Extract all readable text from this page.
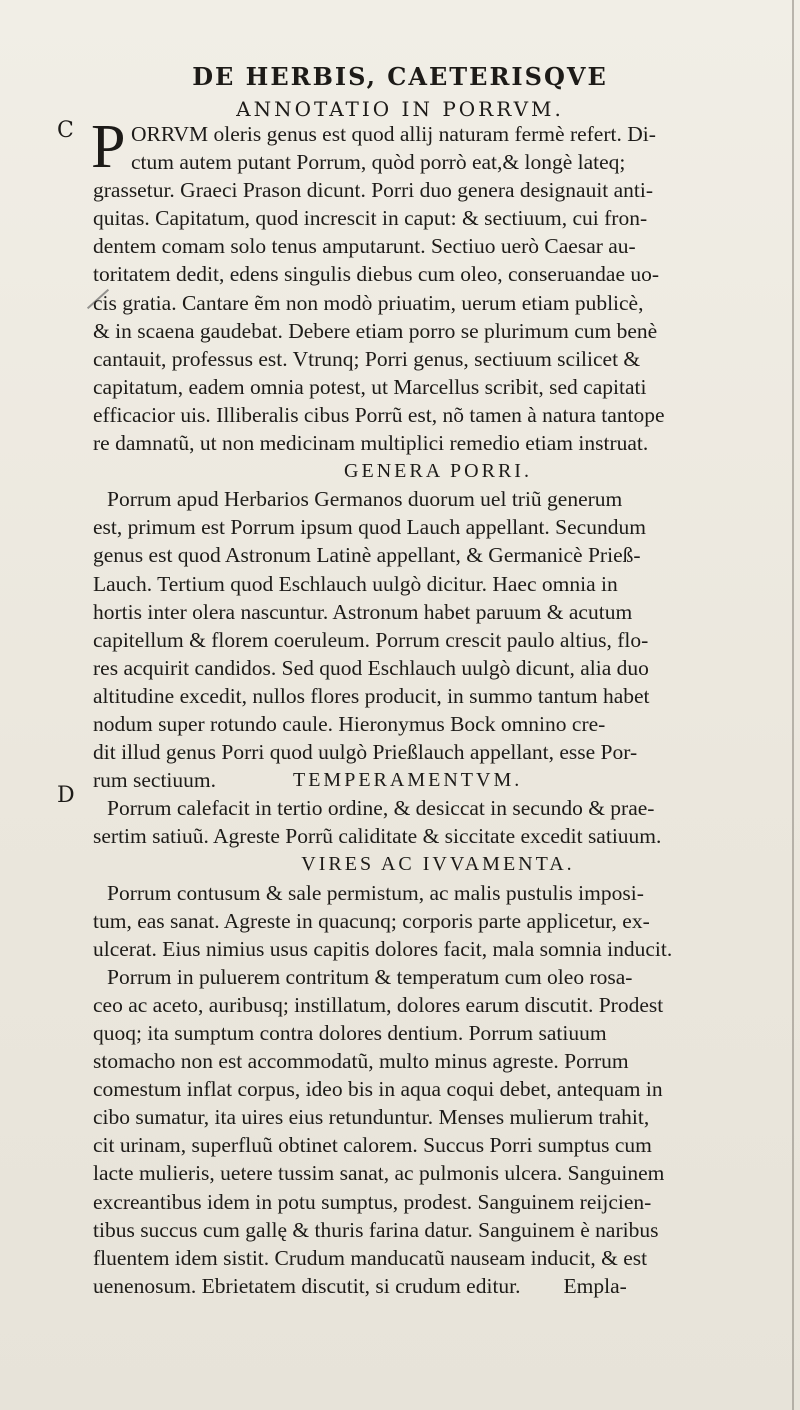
DE HERBIS, CAETERISQVE
ANNOTATIO IN PORRVM.
C
D
P ORRVM oleris genus est quod allij naturam fermè refert. Di-
ctum autem putant Porrum, quòd porrò eat,& longè lateq;
grassetur. Graeci Prason dicunt. Porri duo genera designauit anti-
quitas. Capitatum, quod increscit in caput: & sectiuum, cui fron-
dentem comam solo tenus amputarunt. Sectiuo uerò Caesar au-
toritatem dedit, edens singulis diebus cum oleo, conseruandae uo-
cis gratia. Cantare ẽm non modò priuatim, uerum etiam publicè,
& in scaena gaudebat. Debere etiam porro se plurimum cum benè
cantauit, professus est. Vtrunq; Porri genus, sectiuum scilicet &
capitatum, eadem omnia potest, ut Marcellus scribit, sed capitati
efficacior uis. Illiberalis cibus Porrũ est, nõ tamen à natura tantope
re damnatũ, ut non medicinam multiplici remedio etiam instruat.
GENERA PORRI.
Porrum apud Herbarios Germanos duorum uel triũ generum
est, primum est Porrum ipsum quod Lauch appellant. Secundum
genus est quod Astronum Latinè appellant, & Germanicè Prieß-
Lauch. Tertium quod Eschlauch uulgò dicitur. Haec omnia in
hortis inter olera nascuntur. Astronum habet paruum & acutum
capitellum & florem coeruleum. Porrum crescit paulo altius, flo-
res acquirit candidos. Sed quod Eschlauch uulgò dicunt, alia duo
altitudine excedit, nullos flores producit, in summo tantum habet
nodum super rotundo caule. Hieronymus Bock omnino cre-
dit illud genus Porri quod uulgò Prießlauch appellant, esse Por-
rum sectiuum.	TEMPERAMENTVM.
Porrum calefacit in tertio ordine, & desiccat in secundo & prae-
sertim satiuũ. Agreste Porrũ caliditate & siccitate excedit satiuum.
VIRES AC IVVAMENTA.
Porrum contusum & sale permistum, ac malis pustulis imposi-
tum, eas sanat. Agreste in quacunq; corporis parte applicetur, ex-
ulcerat. Eius nimius usus capitis dolores facit, mala somnia inducit.
Porrum in puluerem contritum & temperatum cum oleo rosa-
ceo ac aceto, auribusq; instillatum, dolores earum discutit. Prodest
quoq; ita sumptum contra dolores dentium. Porrum satiuum
stomacho non est accommodatũ, multo minus agreste. Porrum
comestum inflat corpus, ideo bis in aqua coqui debet, antequam in
cibo sumatur, ita uires eius retunduntur. Menses mulierum trahit,
cit urinam, superfluũ obtinet calorem. Succus Porri sumptus cum
lacte mulieris, uetere tussim sanat, ac pulmonis ulcera. Sanguinem
excreantibus idem in potu sumptus, prodest. Sanguinem reijcien-
tibus succus cum gallę & thuris farina datur. Sanguinem è naribus
fluentem idem sistit. Crudum manducatũ nauseam inducit, & est
uenenosum. Ebrietatem discutit, si crudum editur.        Empla-
